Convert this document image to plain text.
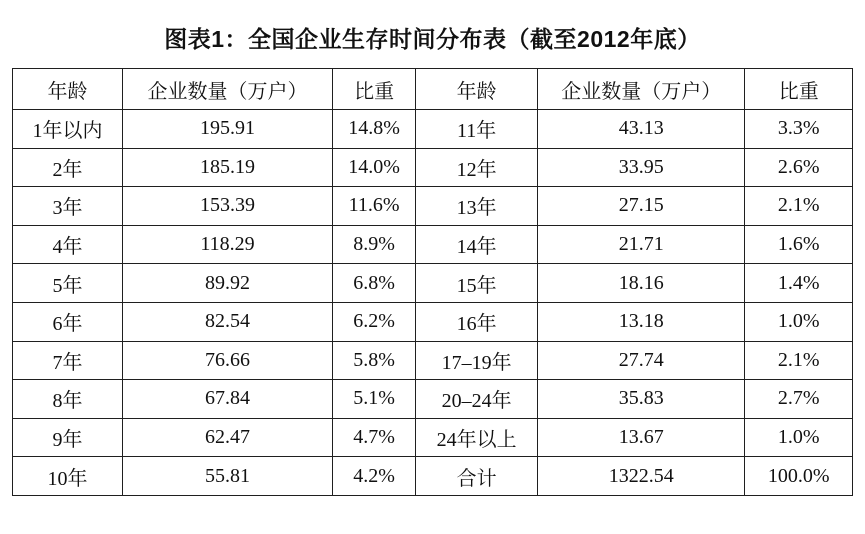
图表1：全国企业生存时间分布表（截至2012年底）
年龄	企业数量（万户）	比重	年龄	企业数量（万户）	比重
1年以内	195.91	14.8%	11年	43.13	3.3%
2年	185.19	14.0%	12年	33.95	2.6%
3年	153.39	11.6%	13年	27.15	2.1%
4年	118.29	8.9%	14年	21.71	1.6%
5年	89.92	6.8%	15年	18.16	1.4%
6年	82.54	6.2%	16年	13.18	1.0%
7年	76.66	5.8%	17–19年	27.74	2.1%
8年	67.84	5.1%	20–24年	35.83	2.7%
9年	62.47	4.7%	24年以上	13.67	1.0%
10年	55.81	4.2%	合计	1322.54	100.0%
